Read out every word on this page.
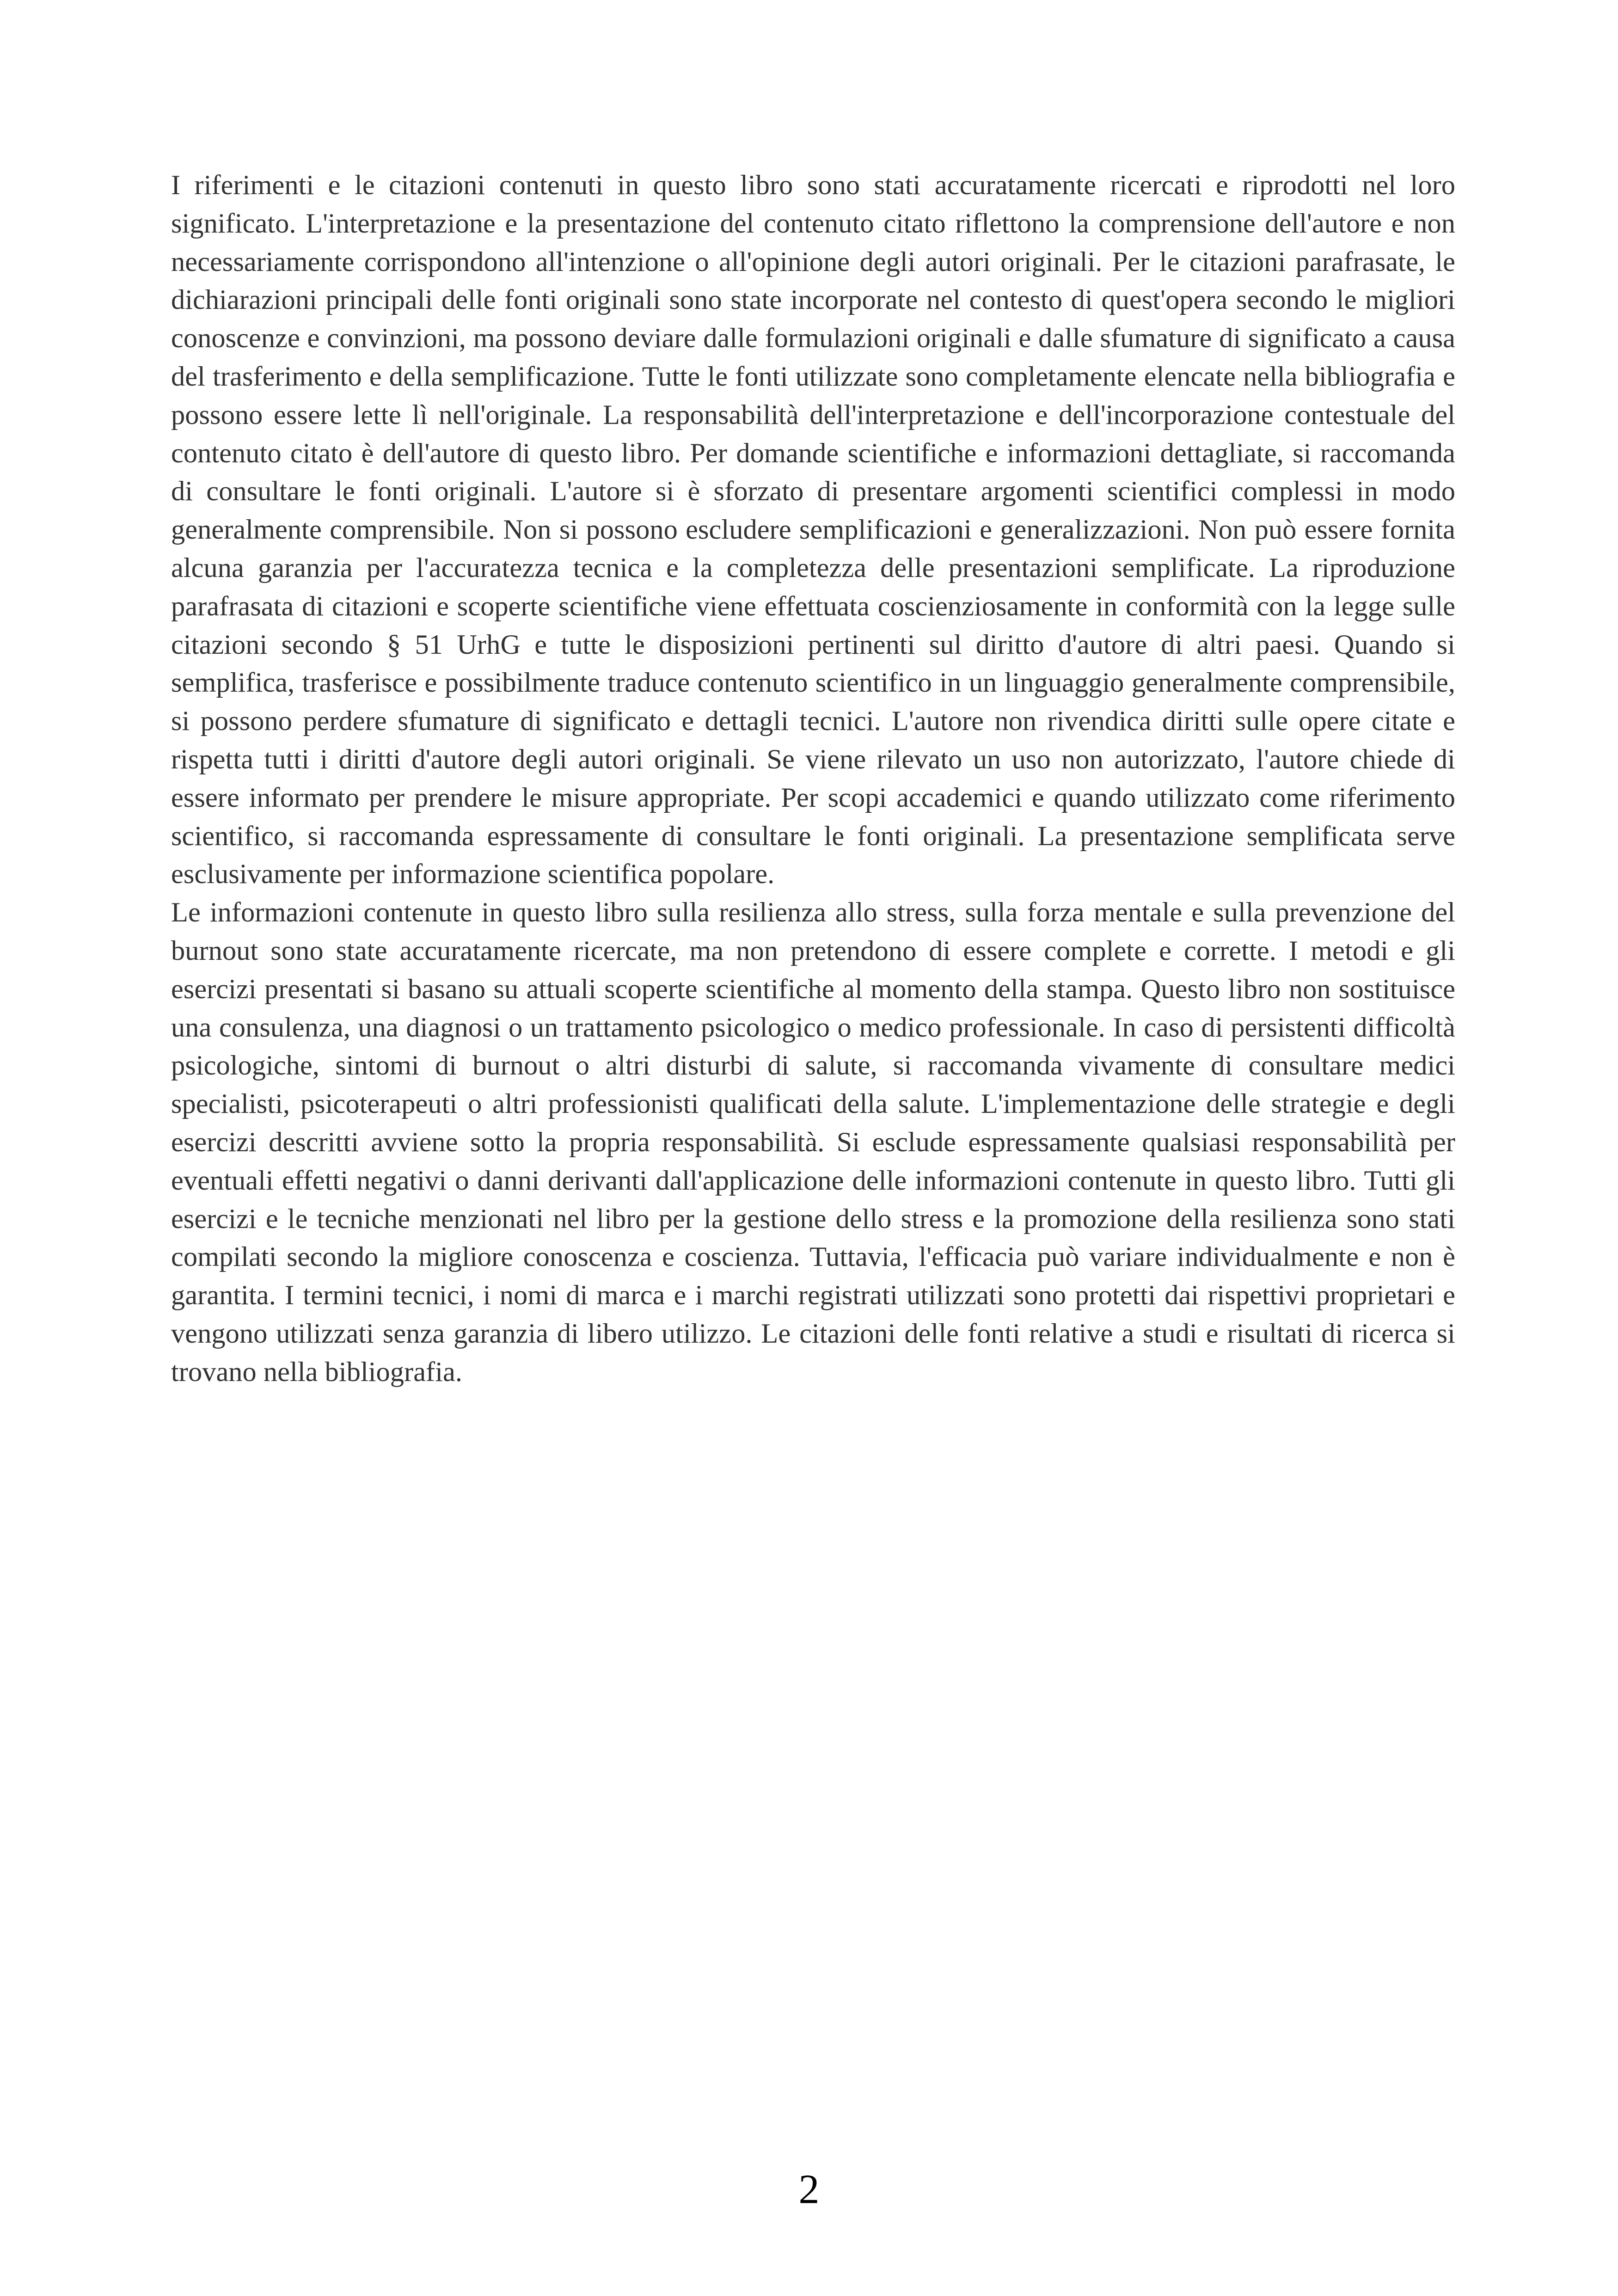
I riferimenti e le citazioni contenuti in questo libro sono stati accuratamente ricercati e riprodotti nel loro significato. L'interpretazione e la presentazione del contenuto citato riflettono la comprensione dell'autore e non necessariamente corrispondono all'intenzione o all'opinione degli autori originali. Per le citazioni parafrasate, le dichiarazioni principali delle fonti originali sono state incorporate nel contesto di quest'opera secondo le migliori conoscenze e convinzioni, ma possono deviare dalle formulazioni originali e dalle sfumature di significato a causa del trasferimento e della semplificazione. Tutte le fonti utilizzate sono completamente elencate nella bibliografia e possono essere lette lì nell'originale. La responsabilità dell'interpretazione e dell'incorporazione contestuale del contenuto citato è dell'autore di questo libro. Per domande scientifiche e informazioni dettagliate, si raccomanda di consultare le fonti originali. L'autore si è sforzato di presentare argomenti scientifici complessi in modo generalmente comprensibile. Non si possono escludere semplificazioni e generalizzazioni. Non può essere fornita alcuna garanzia per l'accuratezza tecnica e la completezza delle presentazioni semplificate. La riproduzione parafrasata di citazioni e scoperte scientifiche viene effettuata coscienziosamente in conformità con la legge sulle citazioni secondo § 51 UrhG e tutte le disposizioni pertinenti sul diritto d'autore di altri paesi. Quando si semplifica, trasferisce e possibilmente traduce contenuto scientifico in un linguaggio generalmente comprensibile, si possono perdere sfumature di significato e dettagli tecnici. L'autore non rivendica diritti sulle opere citate e rispetta tutti i diritti d'autore degli autori originali. Se viene rilevato un uso non autorizzato, l'autore chiede di essere informato per prendere le misure appropriate. Per scopi accademici e quando utilizzato come riferimento scientifico, si raccomanda espressamente di consultare le fonti originali. La presentazione semplificata serve esclusivamente per informazione scientifica popolare.

Le informazioni contenute in questo libro sulla resilienza allo stress, sulla forza mentale e sulla prevenzione del burnout sono state accuratamente ricercate, ma non pretendono di essere complete e corrette. I metodi e gli esercizi presentati si basano su attuali scoperte scientifiche al momento della stampa. Questo libro non sostituisce una consulenza, una diagnosi o un trattamento psicologico o medico professionale. In caso di persistenti difficoltà psicologiche, sintomi di burnout o altri disturbi di salute, si raccomanda vivamente di consultare medici specialisti, psicoterapeuti o altri professionisti qualificati della salute. L'implementazione delle strategie e degli esercizi descritti avviene sotto la propria responsabilità. Si esclude espressamente qualsiasi responsabilità per eventuali effetti negativi o danni derivanti dall'applicazione delle informazioni contenute in questo libro. Tutti gli esercizi e le tecniche menzionati nel libro per la gestione dello stress e la promozione della resilienza sono stati compilati secondo la migliore conoscenza e coscienza. Tuttavia, l'efficacia può variare individualmente e non è garantita. I termini tecnici, i nomi di marca e i marchi registrati utilizzati sono protetti dai rispettivi proprietari e vengono utilizzati senza garanzia di libero utilizzo. Le citazioni delle fonti relative a studi e risultati di ricerca si trovano nella bibliografia.

2
